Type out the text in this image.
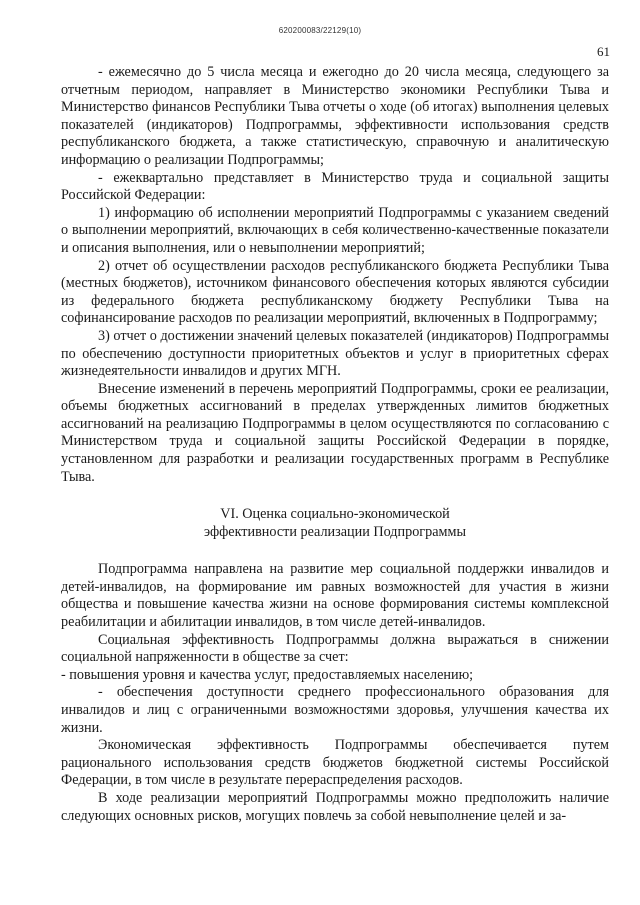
620200083/22129(10)
61

- ежемесячно до 5 числа месяца и ежегодно до 20 числа месяца, следующего за отчетным периодом, направляет в Министерство экономики Республики Тыва и Министерство финансов Республики Тыва отчеты о ходе (об итогах) выполнения целевых показателей (индикаторов) Подпрограммы, эффективности использования средств республиканского бюджета, а также статистическую, справочную и аналитическую информацию о реализации Подпрограммы;

- ежеквартально представляет в Министерство труда и социальной защиты Российской Федерации:

1) информацию об исполнении мероприятий Подпрограммы с указанием сведений о выполнении мероприятий, включающих в себя количественно-качественные показатели и описания выполнения, или о невыполнении мероприятий;

2) отчет об осуществлении расходов республиканского бюджета Республики Тыва (местных бюджетов), источником финансового обеспечения которых являются субсидии из федерального бюджета республиканскому бюджету Республики Тыва на софинансирование расходов по реализации мероприятий, включенных в Подпрограмму;

3) отчет о достижении значений целевых показателей (индикаторов) Подпрограммы по обеспечению доступности приоритетных объектов и услуг в приоритетных сферах жизнедеятельности инвалидов и других МГН.

Внесение изменений в перечень мероприятий Подпрограммы, сроки ее реализации, объемы бюджетных ассигнований в пределах утвержденных лимитов бюджетных ассигнований на реализацию Подпрограммы в целом осуществляются по согласованию с Министерством труда и социальной защиты Российской Федерации в порядке, установленном для разработки и реализации государственных программ в Республике Тыва.

VI. Оценка социально-экономической
эффективности реализации Подпрограммы

Подпрограмма направлена на развитие мер социальной поддержки инвалидов и детей-инвалидов, на формирование им равных возможностей для участия в жизни общества и повышение качества жизни на основе формирования системы комплексной реабилитации и абилитации инвалидов, в том числе детей-инвалидов.

Социальная эффективность Подпрограммы должна выражаться в снижении социальной напряженности в обществе за счет:

- повышения уровня и качества услуг, предоставляемых населению;

- обеспечения доступности среднего профессионального образования для инвалидов и лиц с ограниченными возможностями здоровья, улучшения качества их жизни.

Экономическая эффективность Подпрограммы обеспечивается путем рационального использования средств бюджетов бюджетной системы Российской Федерации, в том числе в результате перераспределения расходов.

В ходе реализации мероприятий Подпрограммы можно предположить наличие следующих основных рисков, могущих повлечь за собой невыполнение целей и за-
